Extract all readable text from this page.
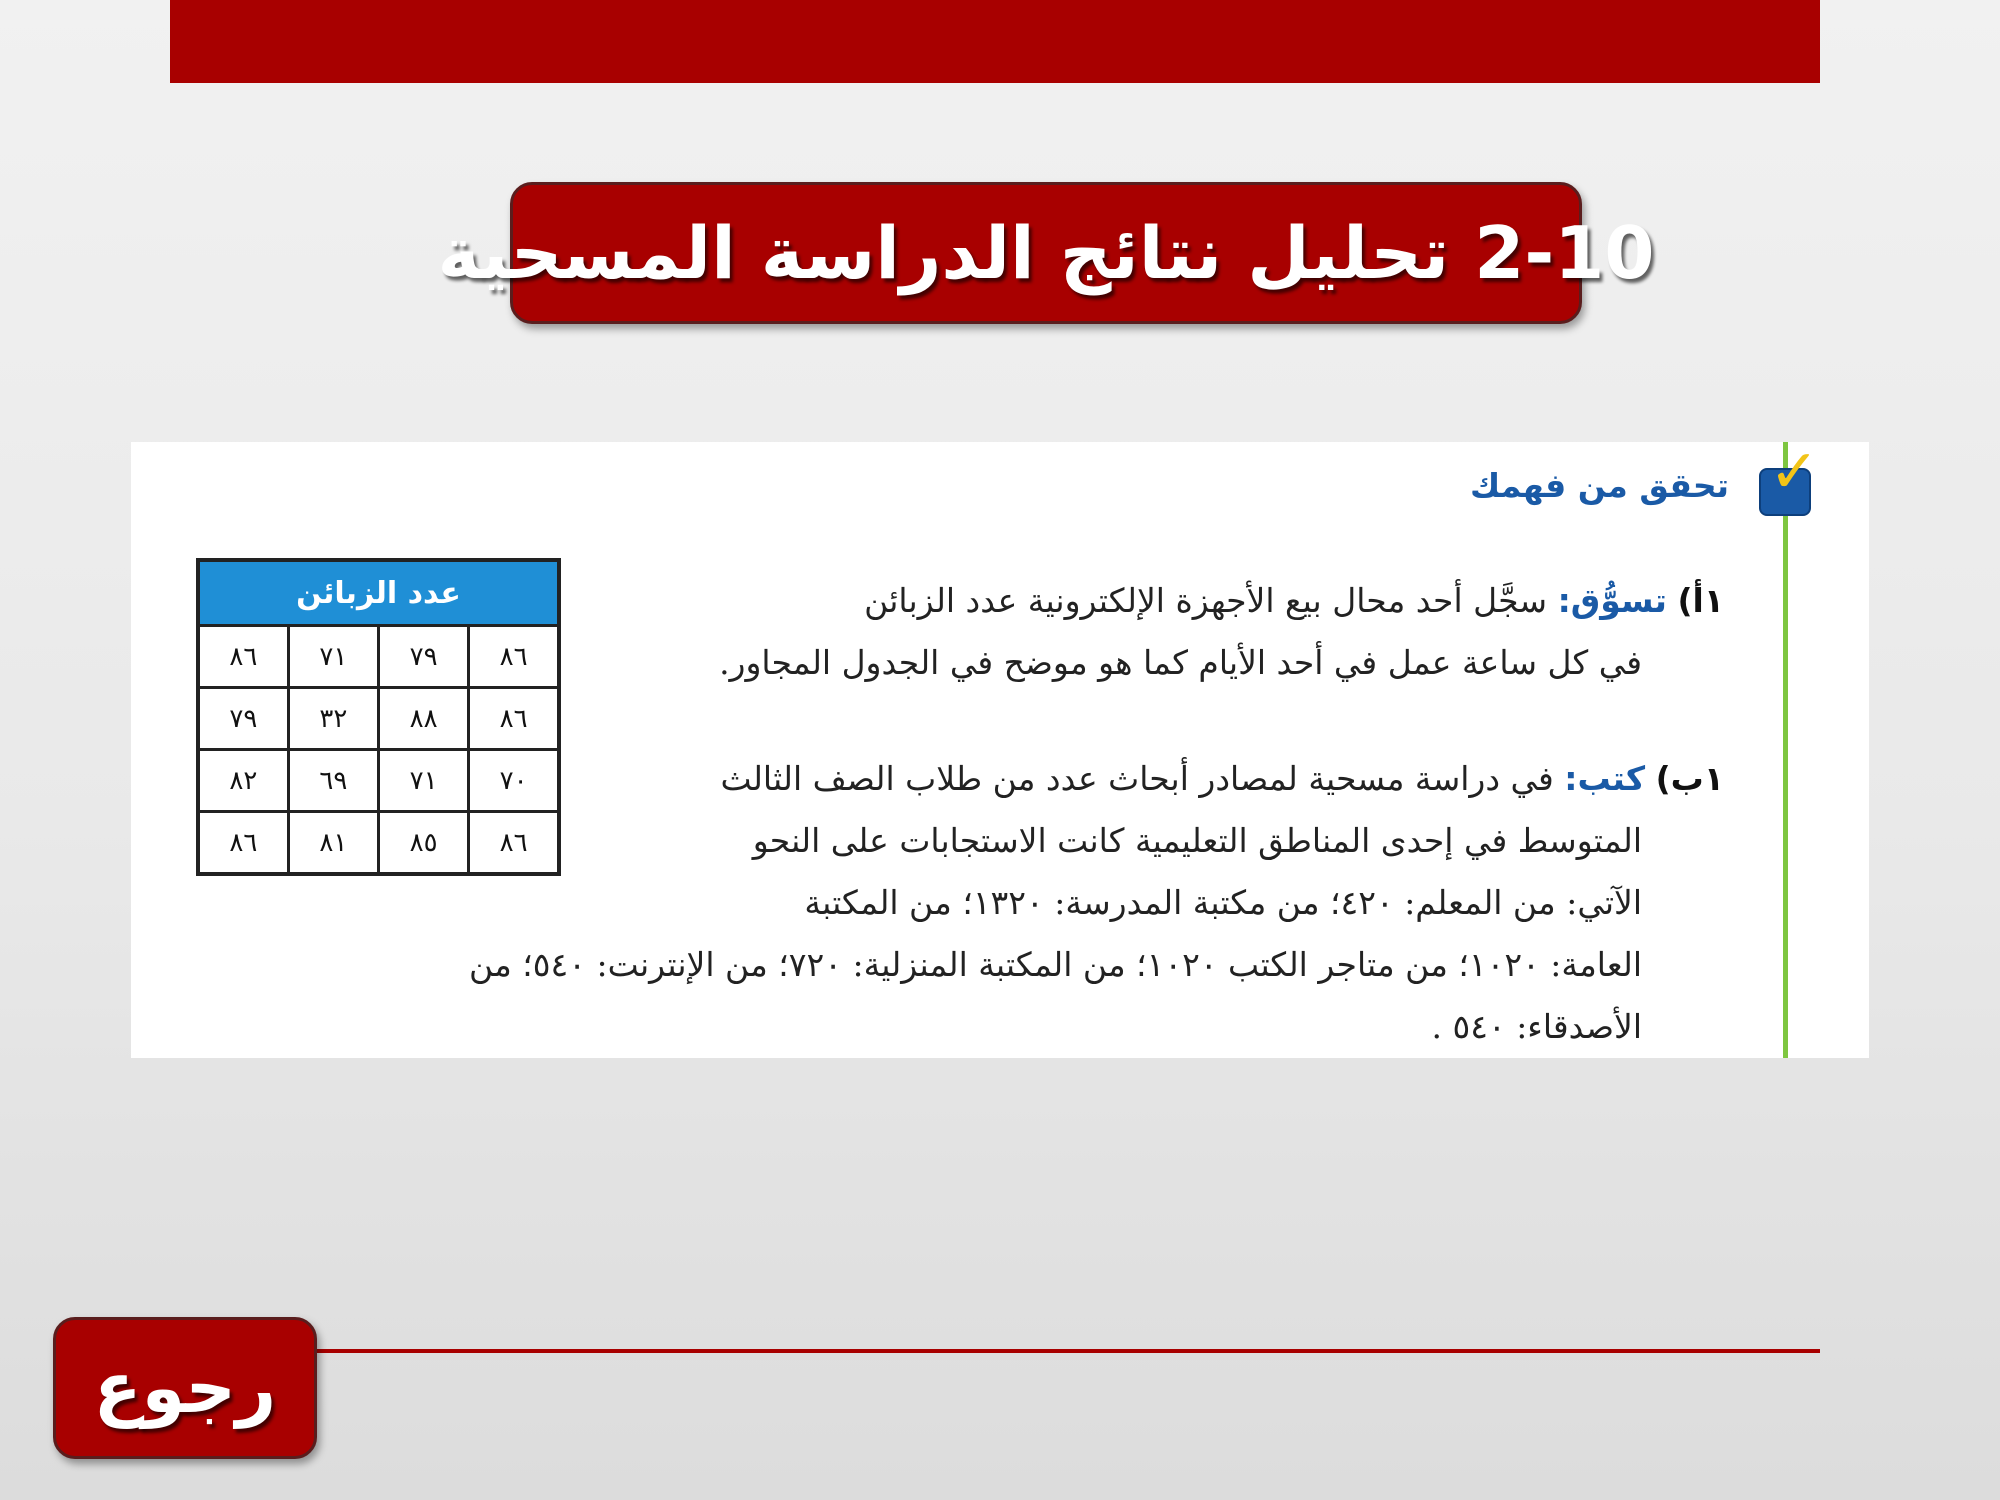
2-10 تحليل نتائج الدراسة المسحية
✓
تحقق من فهمك
عدد الزبائن			
٨٦	٧١	٧٩	٨٦
٧٩	٣٢	٨٨	٨٦
٨٢	٦٩	٧١	٧٠
٨٦	٨١	٨٥	٨٦
١أ) تسوُّق: سجَّل أحد محال بيع الأجهزة الإلكترونية عدد الزبائن
في كل ساعة عمل في أحد الأيام كما هو موضح في الجدول المجاور.
١ب) كتب: في دراسة مسحية لمصادر أبحاث عدد من طلاب الصف الثالث
المتوسط في إحدى المناطق التعليمية كانت الاستجابات على النحو
الآتي: من المعلم: ٤٢٠؛ من مكتبة المدرسة: ١٣٢٠؛ من المكتبة
العامة: ١٠٢٠؛ من متاجر الكتب ١٠٢٠؛ من المكتبة المنزلية: ٧٢٠؛ من الإنترنت: ٥٤٠؛ من
الأصدقاء: ٥٤٠ .
رجوع
